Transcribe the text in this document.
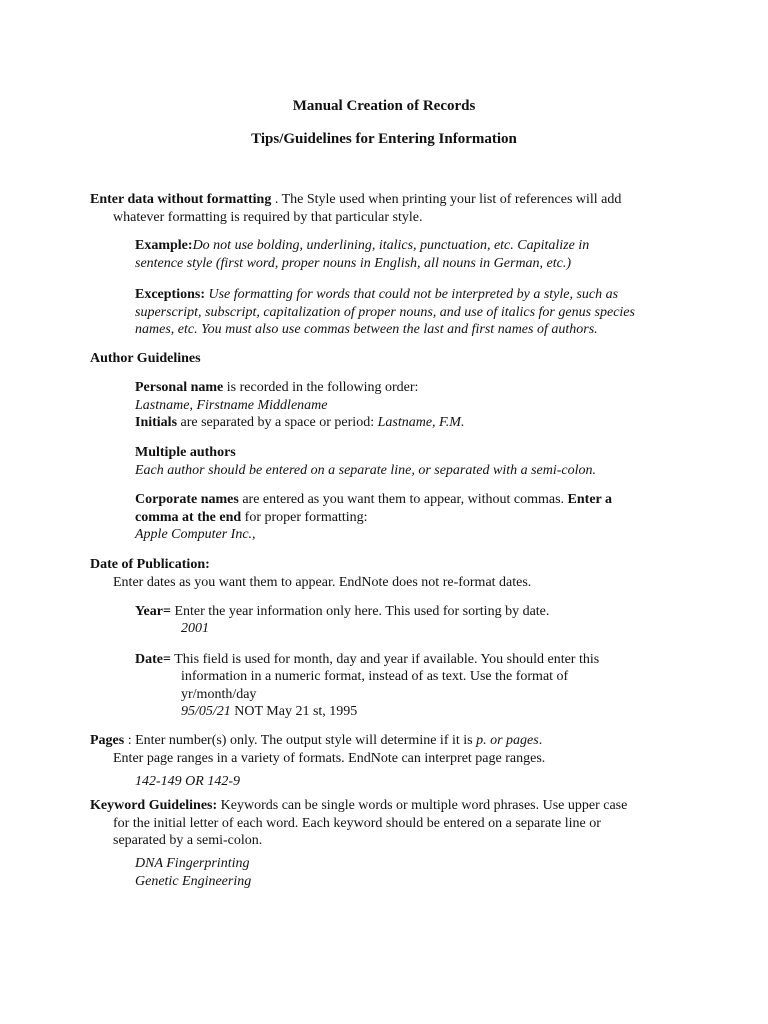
Manual Creation of Records
Tips/Guidelines for Entering Information
Enter data without formatting . The Style used when printing your list of references will add
whatever formatting is required by that particular style.
Example:Do not use bolding, underlining, italics, punctuation, etc. Capitalize in
sentence style (first word, proper nouns in English, all nouns in German, etc.)
Exceptions: Use formatting for words that could not be interpreted by a style, such as
superscript, subscript, capitalization of proper nouns, and use of italics for genus species
names, etc. You must also use commas between the last and first names of authors.
Author Guidelines
Personal name is recorded in the following order:
Lastname, Firstname Middlename
Initials are separated by a space or period: Lastname, F.M.
Multiple authors
Each author should be entered on a separate line, or separated with a semi-colon.
Corporate names are entered as you want them to appear, without commas. Enter a
comma at the end for proper formatting:
Apple Computer Inc.,
Date of Publication:
Enter dates as you want them to appear. EndNote does not re-format dates.
Year= Enter the year information only here. This used for sorting by date.
2001
Date= This field is used for month, day and year if available. You should enter this
information in a numeric format, instead of as text. Use the format of
yr/month/day
95/05/21 NOT May 21 st, 1995
Pages : Enter number(s) only. The output style will determine if it is p. or pages.
Enter page ranges in a variety of formats. EndNote can interpret page ranges.
142-149 OR 142-9
Keyword Guidelines: Keywords can be single words or multiple word phrases. Use upper case
for the initial letter of each word. Each keyword should be entered on a separate line or
separated by a semi-colon.
DNA Fingerprinting
Genetic Engineering
